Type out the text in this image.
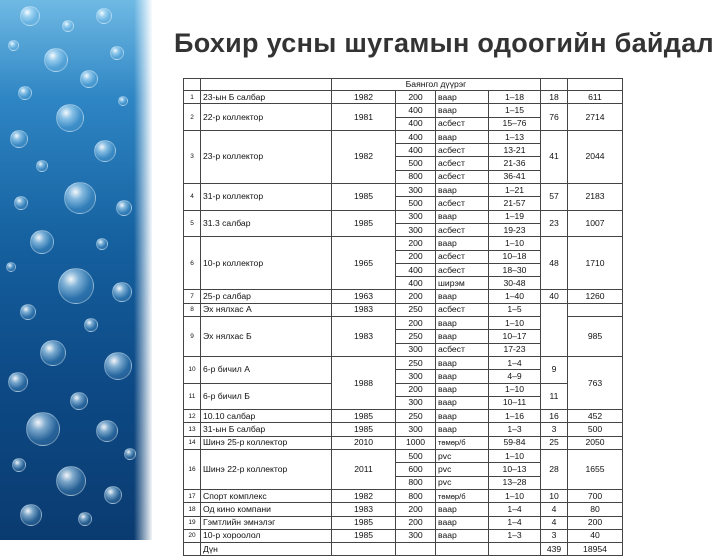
Бохир усны шугамын одоогийн байдал
		Баянгол дүүрэг					
1	23-ын Б салбар	1982	200	ваар	1‒18	18	611
2	22-р коллектор	1981	400	ваар	1‒15	76	2714
			400	асбест	15‒76		
3	23-р коллектор	1982	400	ваар	1‒13	41	2044
			400	асбест	13-21		
			500	асбест	21-36		
			800	асбест	36-41		
4	31-р коллектор	1985	300	ваар	1‒21	57	2183
			500	асбест	21-57		
5	31.3 салбар	1985	300	ваар	1‒19	23	1007
			300	асбест	19-23		
6	10-р коллектор	1965	200	ваар	1‒10	48	1710
			200	асбест	10‒18		
			400	асбест	18‒30		
			400	ширэм	30-48		
7	25-р салбар	1963	200	ваар	1‒40	40	1260
8	Эх нялхас А	1983	250	асбест	1‒5		
9	Эх нялхас Б	1983	200	ваар	1‒10		985
			250	ваар	10‒17		
			300	асбест	17-23		
10	6-р бичил А	1988	250	ваар	1‒4	9	763
			300	ваар	4‒9		
11	6-р бичил Б		200	ваар	1‒10	11	
			300	ваар	10‒11		
12	10.10 салбар	1985	250	ваар	1‒16	16	452
13	31-ын Б салбар	1985	300	ваар	1‒3	3	500
14	Шинэ 25-р коллектор	2010	1000	төмөр/б	59-84	25	2050
16	Шинэ 22-р коллектор	2011	500	pvc	1‒10	28	1655
			600	pvc	10‒13		
			800	pvc	13‒28		
17	Спорт комплекс	1982	800	төмөр/б	1‒10	10	700
18	Од кино компани	1983	200	ваар	1‒4	4	80
19	Гэмтлийн эмнэлэг	1985	200	ваар	1‒4	4	200
20	10-р хороолол	1985	300	ваар	1‒3	3	40
	Дүн					439	18954
